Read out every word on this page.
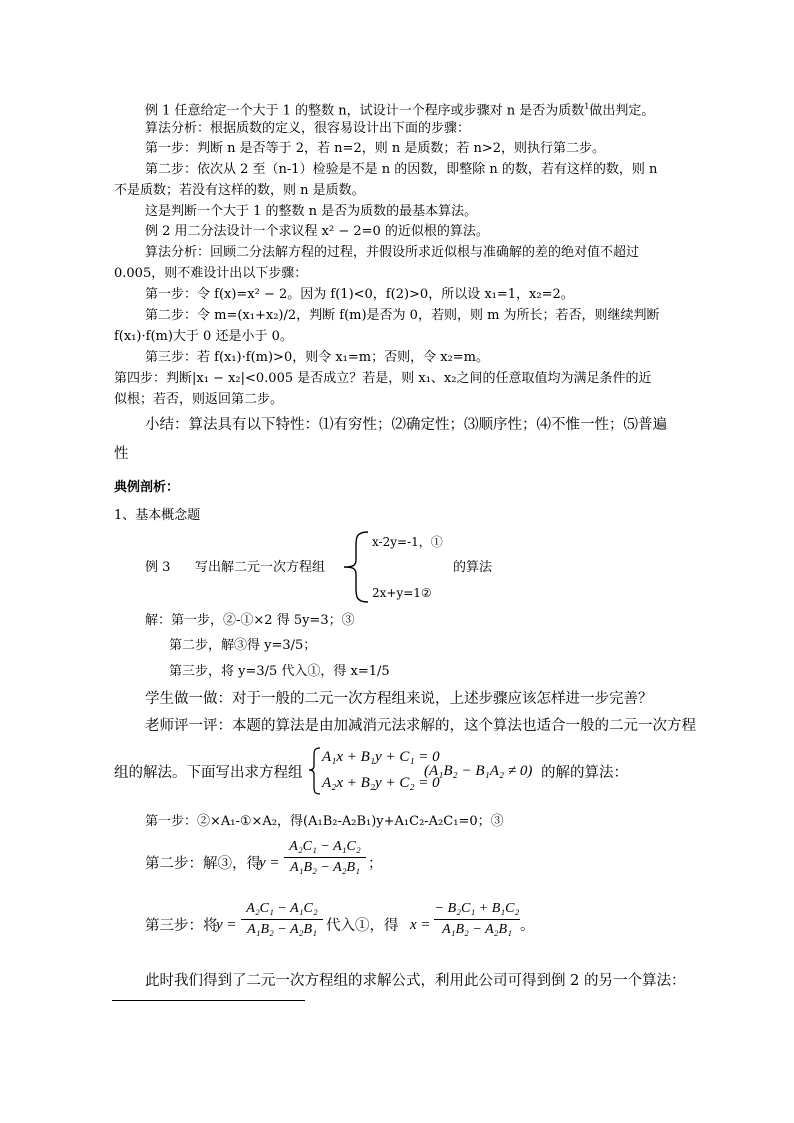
例 1 任意给定一个大于 1 的整数 n，试设计一个程序或步骤对 n 是否为质数$^1$做出判定。
算法分析：根据质数的定义，很容易设计出下面的步骤：
第一步：判断 n 是否等于 2，若 n=2，则 n 是质数；若 n>2，则执行第二步。
第二步：依次从 2 至（n-1）检验是不是 n 的因数，即整除 n 的数，若有这样的数，则 n
不是质数；若没有这样的数，则 n 是质数。
这是判断一个大于 1 的整数 n 是否为质数的最基本算法。
例 2 用二分法设计一个求议程 x² − 2=0 的近似根的算法。
算法分析：回顾二分法解方程的过程，并假设所求近似根与准确解的差的绝对值不超过
0.005，则不难设计出以下步骤：
第一步：令 f(x)=x² − 2。因为 f(1)<0，f(2)>0，所以设 x₁=1，x₂=2。
第二步：令 m=(x₁+x₂)/2，判断 f(m)是否为 0，若则，则 m 为所长；若否，则继续判断
f(x₁)·f(m)大于 0 还是小于 0。
第三步：若 f(x₁)·f(m)>0，则令 x₁=m；否则，令 x₂=m。
第四步：判断|x₁ − x₂|<0.005 是否成立？若是，则 x₁、x₂之间的任意取值均为满足条件的近
似根；若否，则返回第二步。
小结：算法具有以下特性：⑴有穷性；⑵确定性；⑶顺序性；⑷不惟一性；⑸普遍
性
典例剖析：
1、基本概念题
例 3 写出解二元一次方程组
x-2y=-1，①
2x+y=1②
的算法
解：第一步，②-①×2 得 5y=3；③
第二步，解③得 y=3/5；
第三步，将 y=3/5 代入①，得 x=1/5
学生做一做：对于一般的二元一次方程组来说，上述步骤应该怎样进一步完善？
老师评一评：本题的算法是由加减消元法求解的，这个算法也适合一般的二元一次方程
组的解法。下面写出求方程组
A₁x + B₁y + C₁ = 0
A₂x + B₂y + C₂ = 0
(A₁B₂ − B₁A₂ ≠ 0) 的解的算法：
第一步：②×A₁-①×A₂，得(A₁B₂-A₂B₁)y+A₁C₂-A₂C₁=0；③
第二步：解③，得
y =
A₂C₁ − A₁C₂
A₁B₂ − A₂B₁ ；
第三步：将
y =
A₂C₁ − A₁C₂
A₁B₂ − A₂B₁ 代入①，得 x =
− B₂C₁ + B₁C₂
A₁B₂ − A₂B₁ 。
此时我们得到了二元一次方程组的求解公式，利用此公司可得到倒 2 的另一个算法：
